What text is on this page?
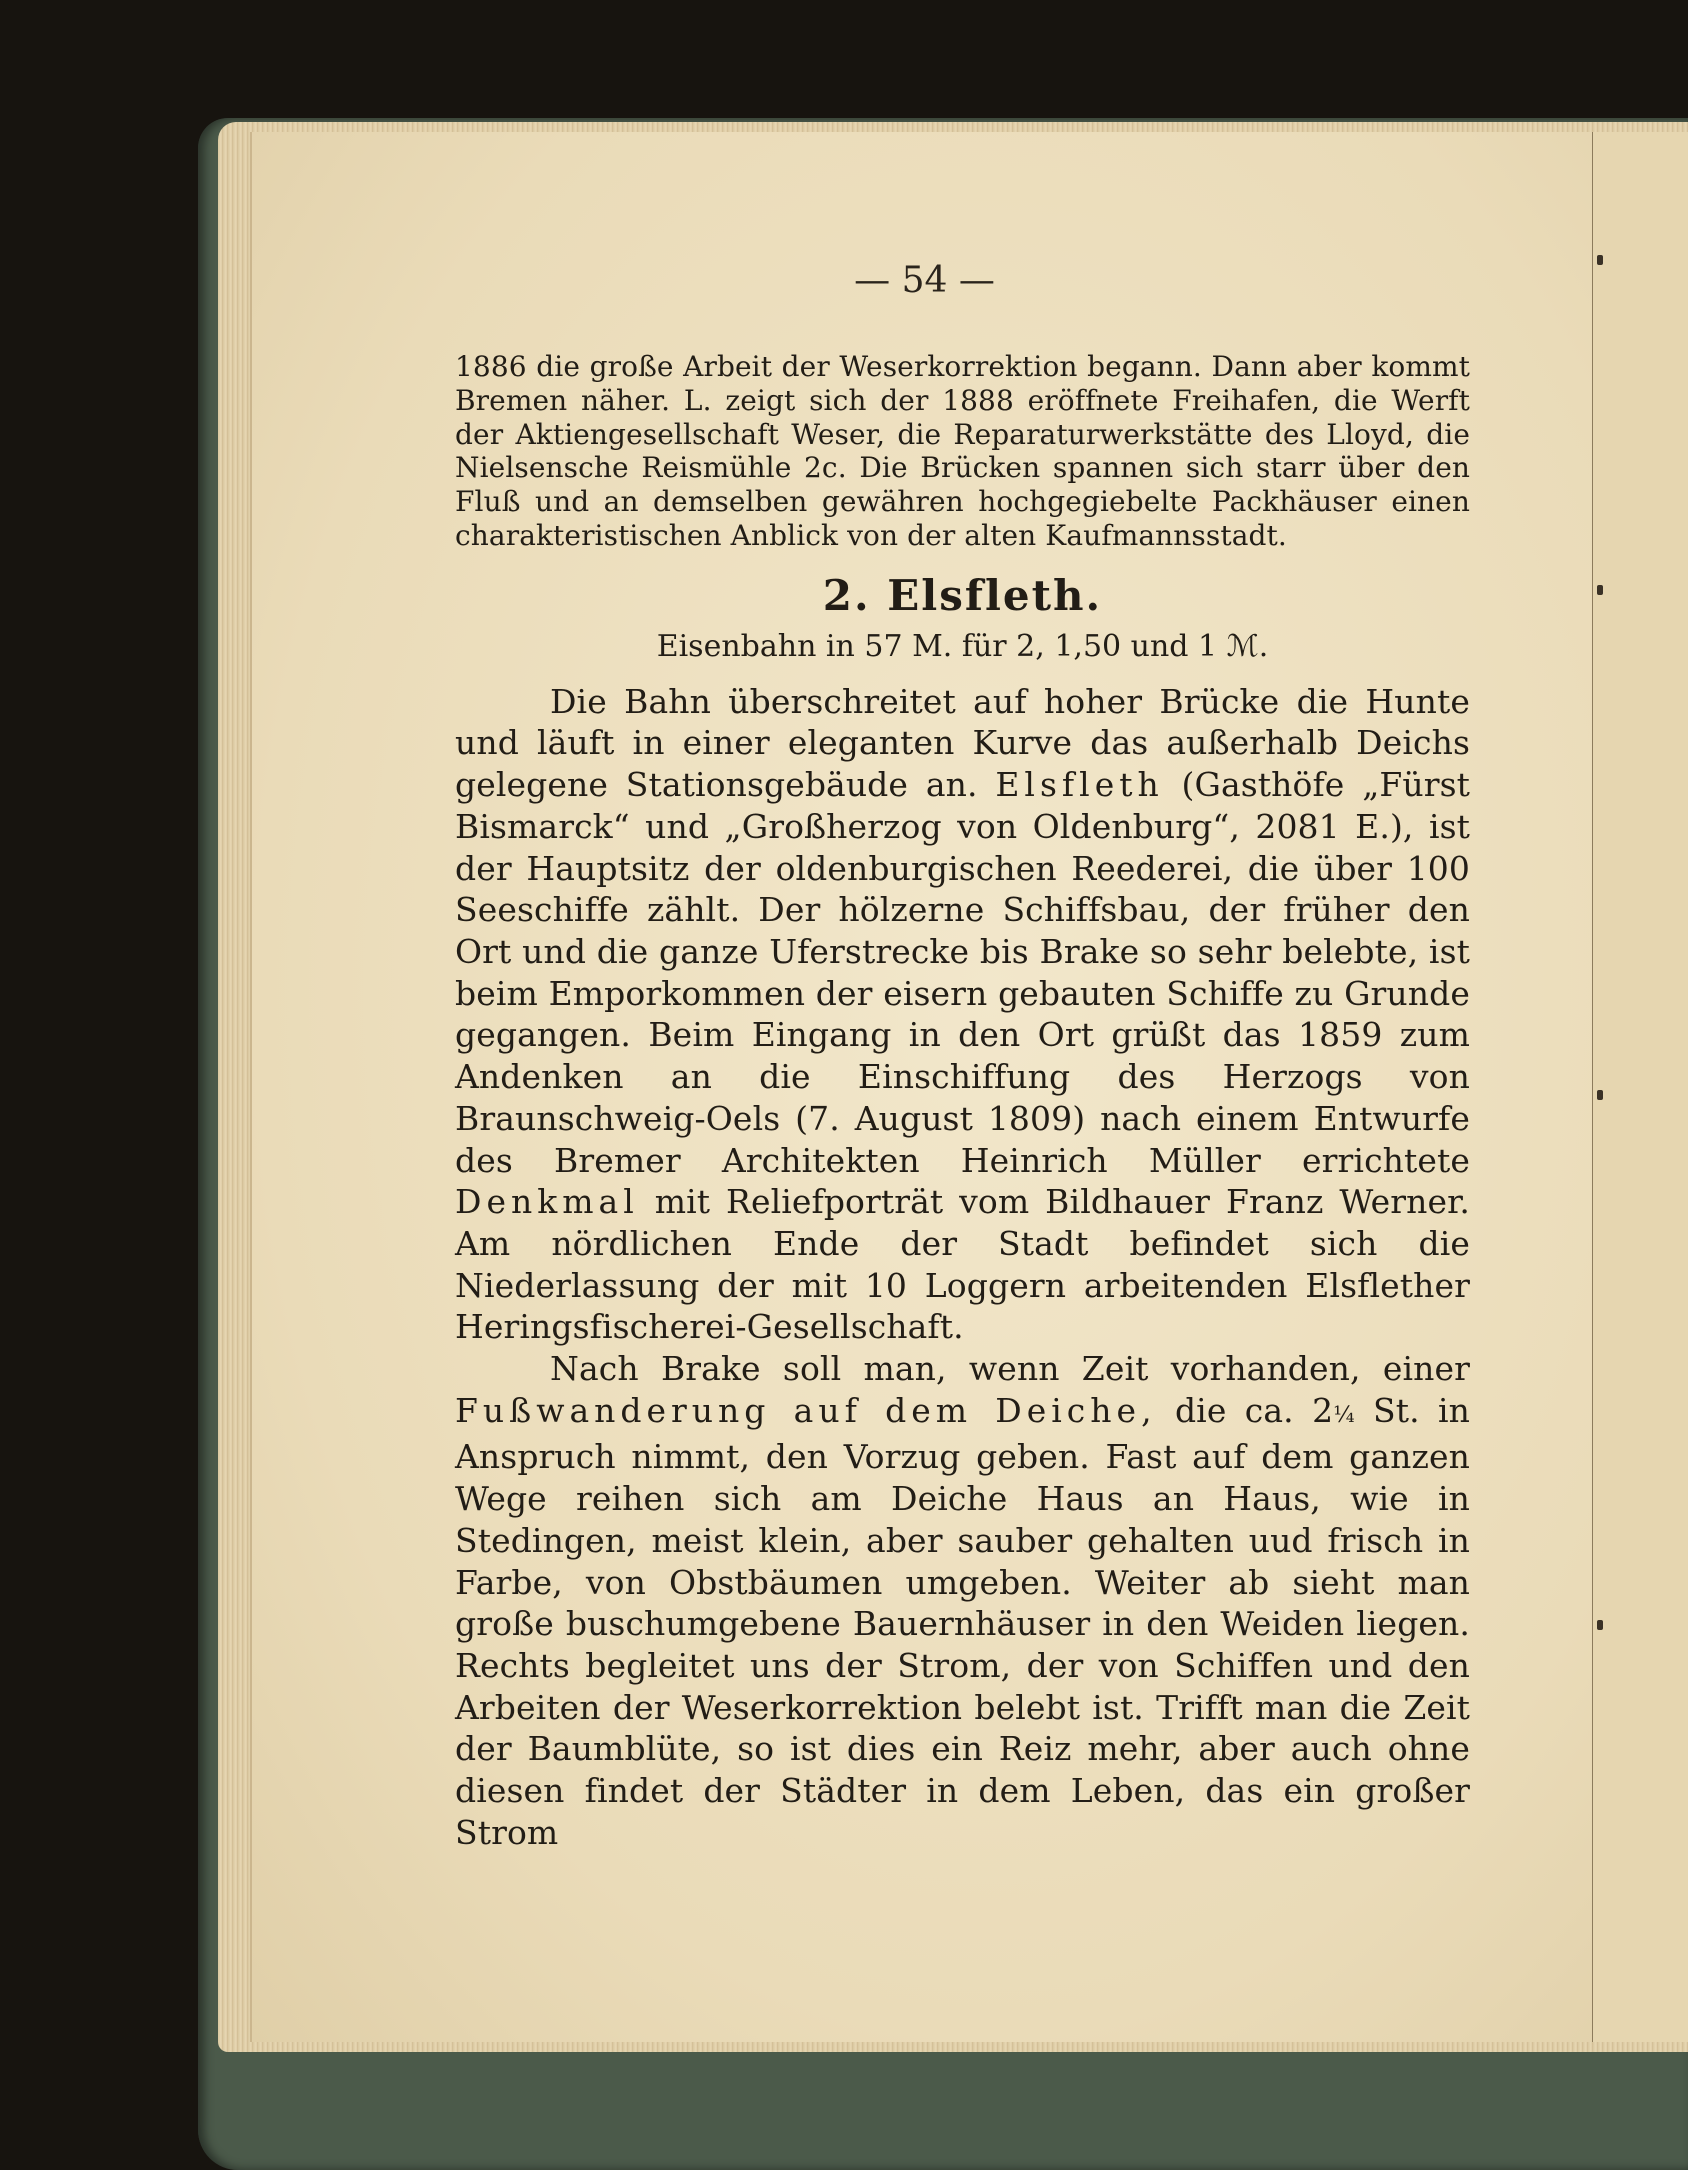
— 54 —

1886 die große Arbeit der Weserkorrektion begann. Dann aber kommt Bremen näher. L. zeigt sich der 1888 eröffnete Freihafen, die Werft der Aktiengesellschaft Weser, die Reparaturwerkstätte des Lloyd, die Nielsensche Reismühle 2c. Die Brücken spannen sich starr über den Fluß und an demselben gewähren hochgegiebelte Packhäuser einen charakteristischen Anblick von der alten Kaufmannsstadt.

2. Elsfleth.

Eisenbahn in 57 M. für 2, 1,50 und 1 ℳ.

Die Bahn überschreitet auf hoher Brücke die Hunte und läuft in einer eleganten Kurve das außerhalb Deichs gelegene Stationsgebäude an. Elsfleth (Gasthöfe „Fürst Bismarck“ und „Großherzog von Oldenburg“, 2081 E.), ist der Hauptsitz der oldenburgischen Reederei, die über 100 Seeschiffe zählt. Der hölzerne Schiffsbau, der früher den Ort und die ganze Uferstrecke bis Brake so sehr belebte, ist beim Emporkommen der eisern gebauten Schiffe zu Grunde gegangen. Beim Eingang in den Ort grüßt das 1859 zum Andenken an die Einschiffung des Herzogs von Braunschweig-Oels (7. August 1809) nach einem Entwurfe des Bremer Architekten Heinrich Müller errichtete Denkmal mit Reliefporträt vom Bildhauer Franz Werner. Am nördlichen Ende der Stadt befindet sich die Niederlassung der mit 10 Loggern arbeitenden Elsflether Heringsfischerei-Gesellschaft.

Nach Brake soll man, wenn Zeit vorhanden, einer Fußwanderung auf dem Deiche, die ca. 2¼ St. in Anspruch nimmt, den Vorzug geben. Fast auf dem ganzen Wege reihen sich am Deiche Haus an Haus, wie in Stedingen, meist klein, aber sauber gehalten uud frisch in Farbe, von Obstbäumen umgeben. Weiter ab sieht man große buschumgebene Bauernhäuser in den Weiden liegen. Rechts begleitet uns der Strom, der von Schiffen und den Arbeiten der Weserkorrektion belebt ist. Trifft man die Zeit der Baumblüte, so ist dies ein Reiz mehr, aber auch ohne diesen findet der Städter in dem Leben, das ein großer Strom
